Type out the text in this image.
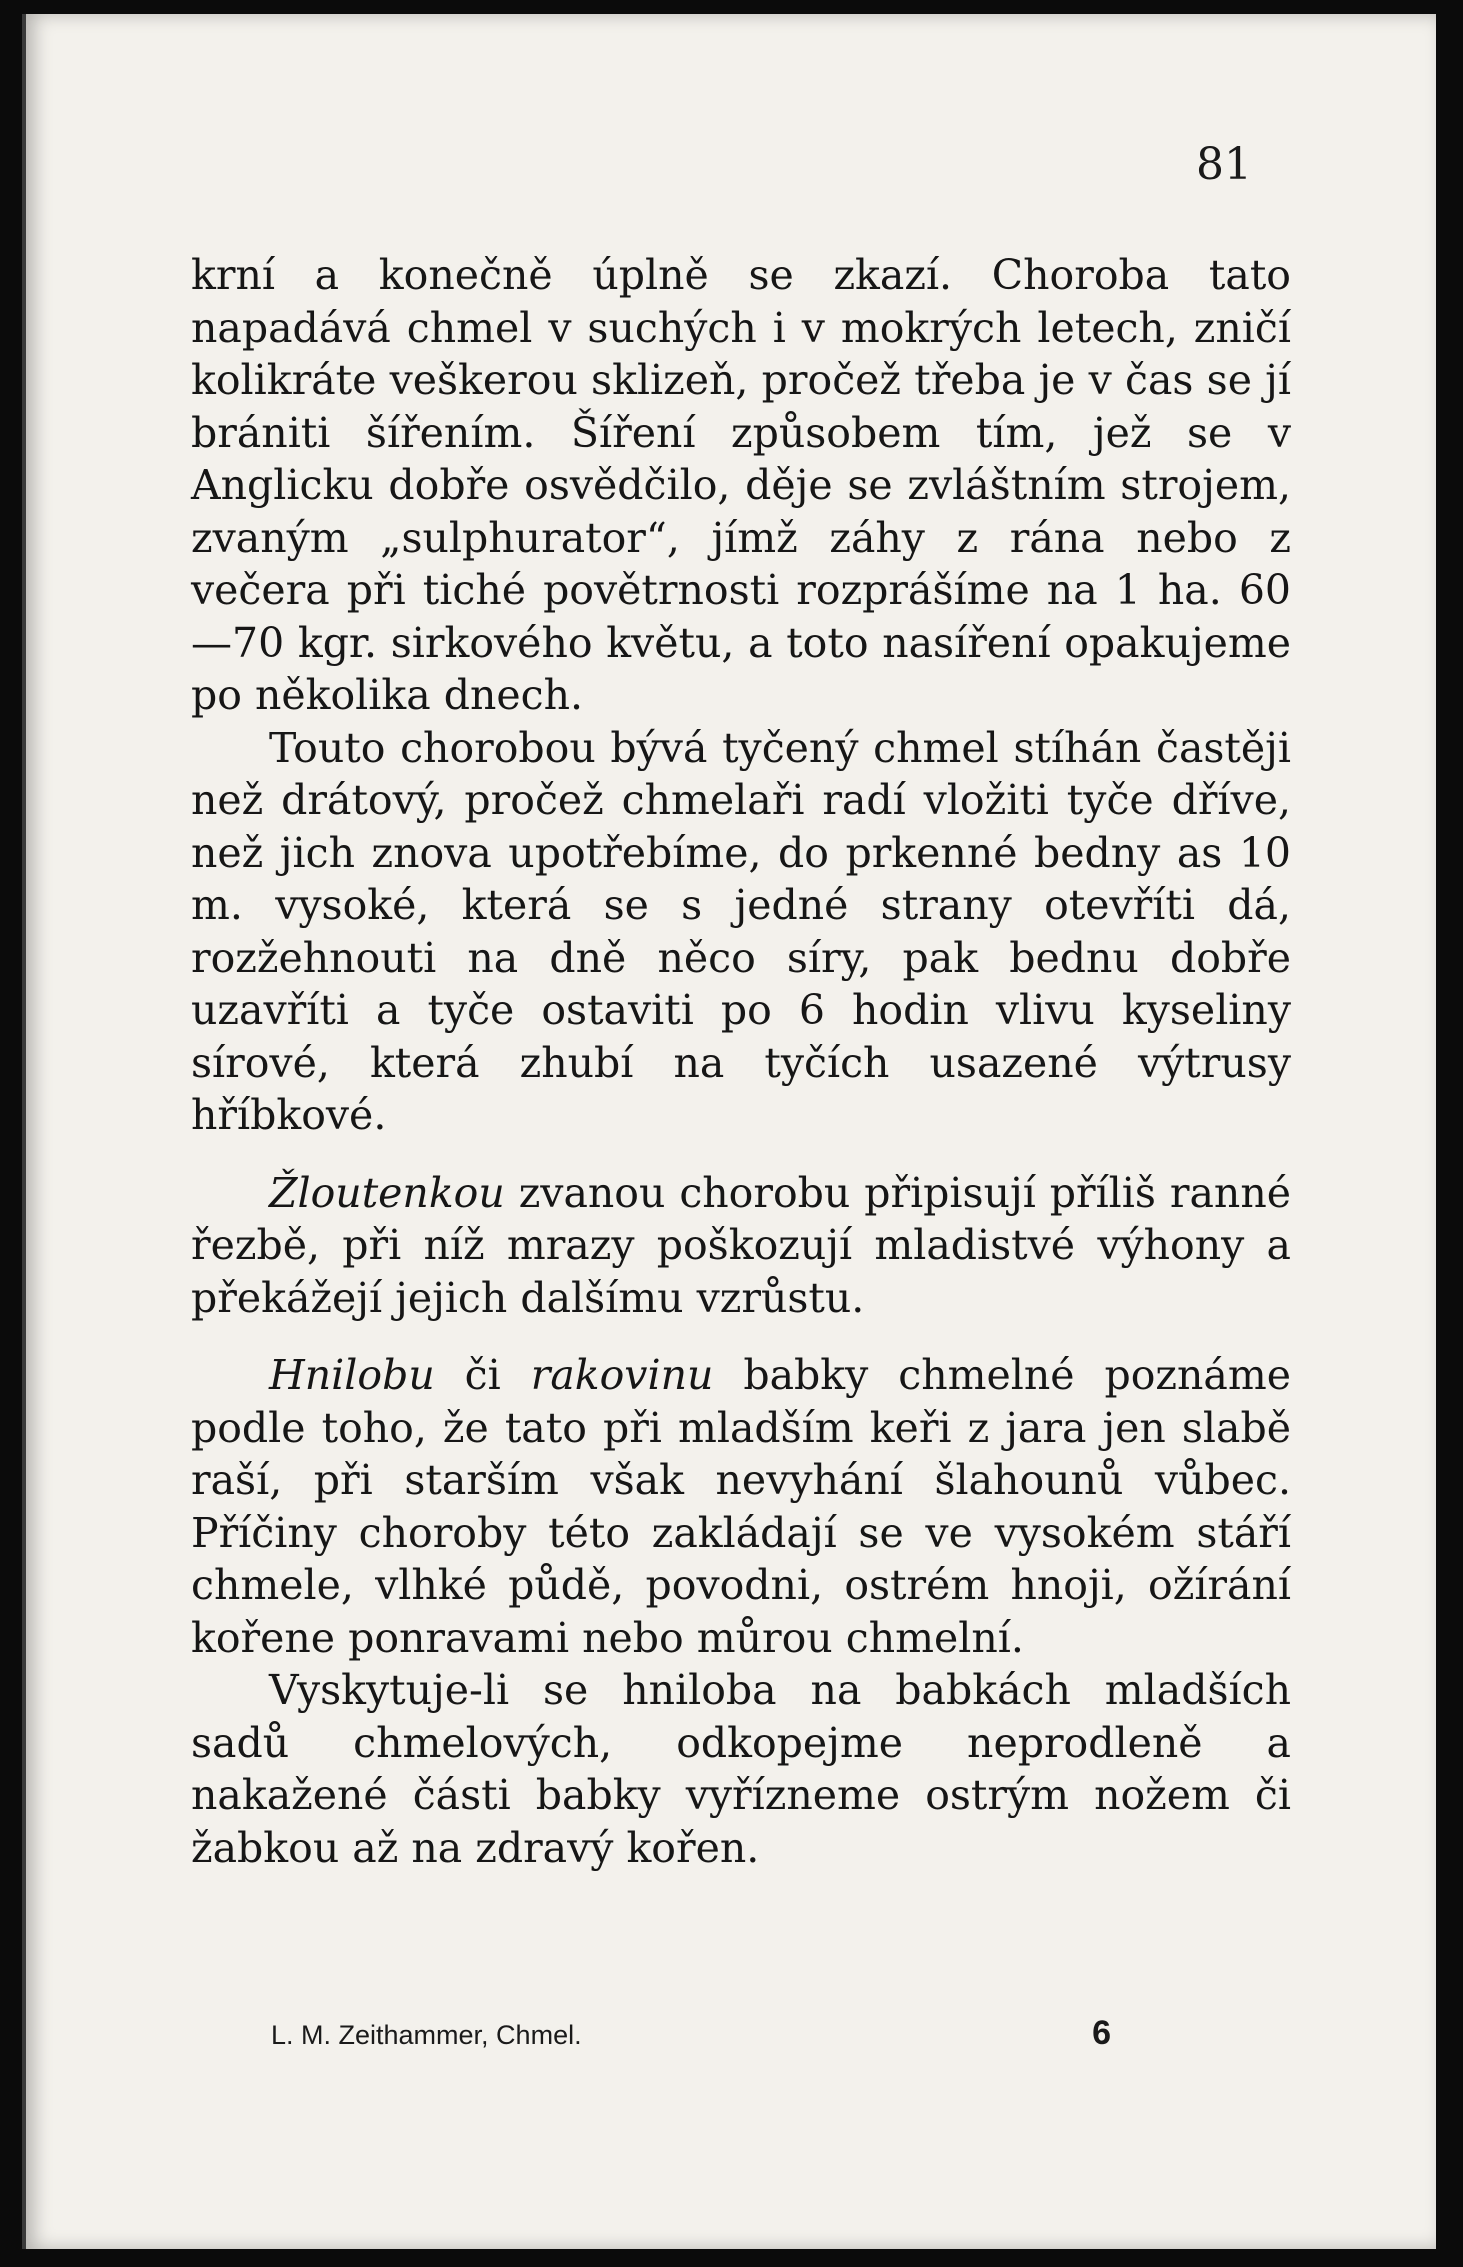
81

krní a konečně úplně se zkazí. Choroba tato napadává chmel v suchých i v mokrých letech, zničí kolikráte veškerou sklizeň, pročež třeba je v čas se jí brániti šířením. Šíření způsobem tím, jež se v Anglicku dobře osvědčilo, děje se zvláštním strojem, zvaným „sulphurator“, jímž záhy z rána nebo z večera při tiché povětrnosti rozprášíme na 1 ha. 60—70 kgr. sirkového květu, a toto nasíření opakujeme po několika dnech.

Touto chorobou bývá tyčený chmel stíhán častěji než drátový, pročež chmelaři radí vložiti tyče dříve, než jich znova upotřebíme, do prkenné bedny as 10 m. vysoké, která se s jedné strany otevříti dá, rozžehnouti na dně něco síry, pak bednu dobře uzavříti a tyče ostaviti po 6 hodin vlivu kyseliny sírové, která zhubí na tyčích usazené výtrusy hříbkové.

Žloutenkou zvanou chorobu připisují příliš ranné řezbě, při níž mrazy poškozují mladistvé výhony a překážejí jejich dalšímu vzrůstu.

Hnilobu či rakovinu babky chmelné poznáme podle toho, že tato při mladším keři z jara jen slabě raší, při starším však nevyhání šlahounů vůbec. Příčiny choroby této zakládají se ve vysokém stáří chmele, vlhké půdě, povodni, ostrém hnoji, ožírání kořene ponravami nebo můrou chmelní.

Vyskytuje-li se hniloba na babkách mladších sadů chmelových, odkopejme neprodleně a nakažené části babky vyřízneme ostrým nožem či žabkou až na zdravý kořen.

L. M. Zeithammer, Chmel.	6
